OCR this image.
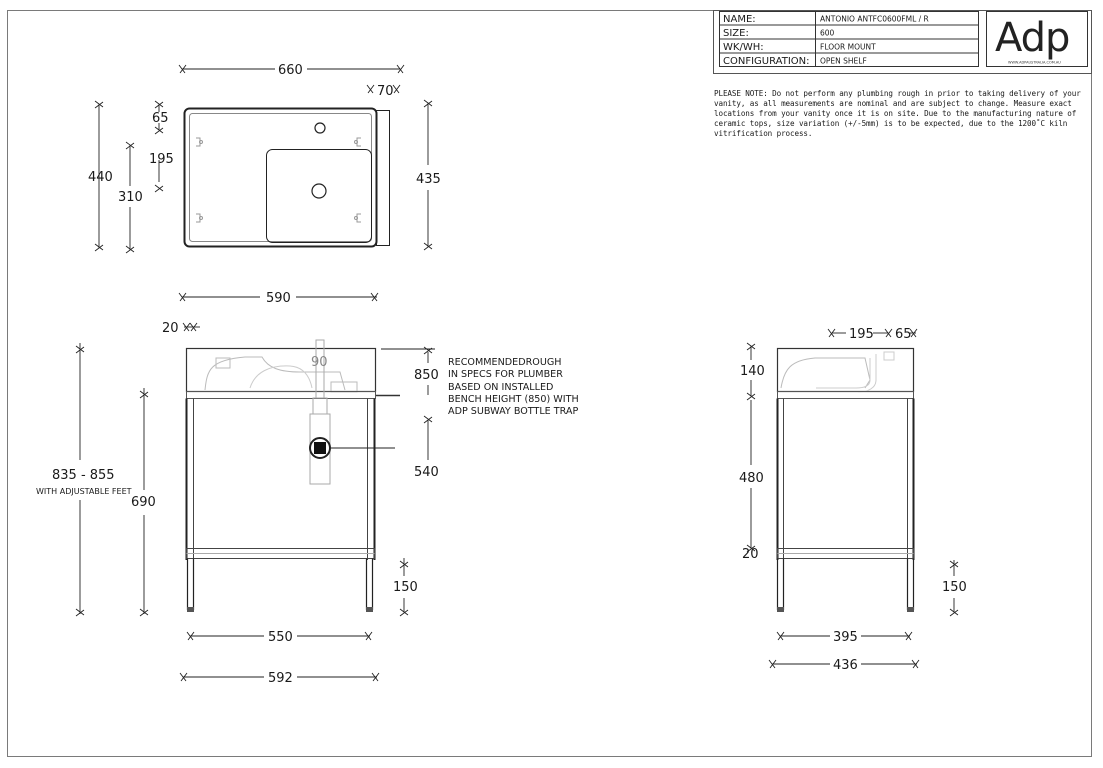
NAME:	ANTONIO ANTFC0600FML / R
SIZE:	600
WK/WH:	FLOOR MOUNT
CONFIGURATION: OPEN SHELF	Adp
WWW.ADPAUSTRALIA.COM.AU
660
70
440
65
195
310
435
590
20
835 - 855
WITH ADJUSTABLE FEET
690
90
850
540
150
550
592
195 65
140
480
20
150
395
436
PLEASE NOTE: Do not perform any plumbing rough in prior to taking delivery of your vanity, as all measurements are nominal and are subject to change. Measure exact locations from your vanity once it is on site. Due to the manufacturing nature of ceramic tops, size variation (+/-5mm) is to be expected, due to the 1200˚C kiln vitrification process.
RECOMMENDEDROUGH
IN SPECS FOR PLUMBER
BASED ON INSTALLED
BENCH HEIGHT (850) WITH
ADP SUBWAY BOTTLE TRAP
